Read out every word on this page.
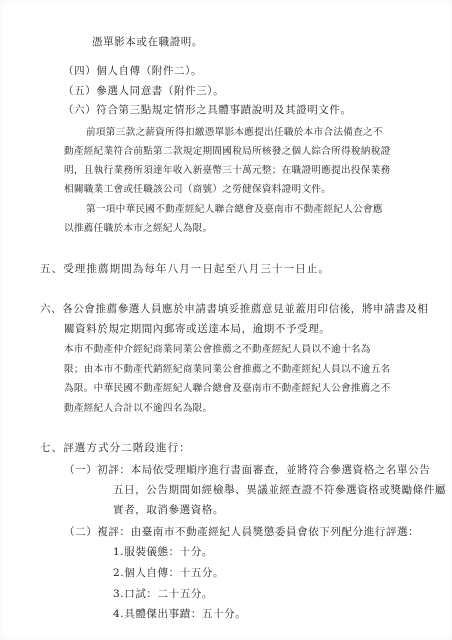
憑單影本或在職證明。
（四）個人自傳（附件二）。
（五）參選人同意書（附件三）。
（六）符合第三點規定情形之具體事蹟說明及其證明文件。
前項第三款之薪資所得扣繳憑單影本應提出任職於本市合法備查之不
動產經紀業符合前點第二款規定期間國稅局所核發之個人綜合所得稅納稅證
明，且執行業務所須達年收入新臺幣三十萬元整；在職證明應提出投保業務
相關職業工會或任職該公司（商號）之勞健保資料證明文件。
第一項中華民國不動產經紀人聯合總會及臺南市不動產經紀人公會應
以推薦任職於本市之經紀人為限。
五、受理推薦期間為每年八月一日起至八月三十一日止。
六、各公會推薦參選人員應於申請書填妥推薦意見並蓋用印信後，將申請書及相
關資料於規定期間內郵寄或送達本局，逾期不予受理。
本市不動產仲介經紀商業同業公會推薦之不動產經紀人員以不逾十名為
限；由本市不動產代銷經紀商業同業公會推薦之不動產經紀人員以不逾五名
為限。中華民國不動產經紀人聯合總會及臺南市不動產經紀人公會推薦之不
動產經紀人合計以不逾四名為限。
七、評選方式分二階段進行：
（一）初評：本局依受理順序進行書面審查，並將符合參選資格之名單公告
五日，公告期間如經檢舉、異議並經查證不符參選資格或獎勵條件屬
實者，取消參選資格。
（二）複評：由臺南市不動產經紀人員獎懲委員會依下列配分進行評選：
1.服裝儀態：十分。
2.個人自傳：十五分。
3.口試：二十五分。
4.具體傑出事蹟：五十分。
